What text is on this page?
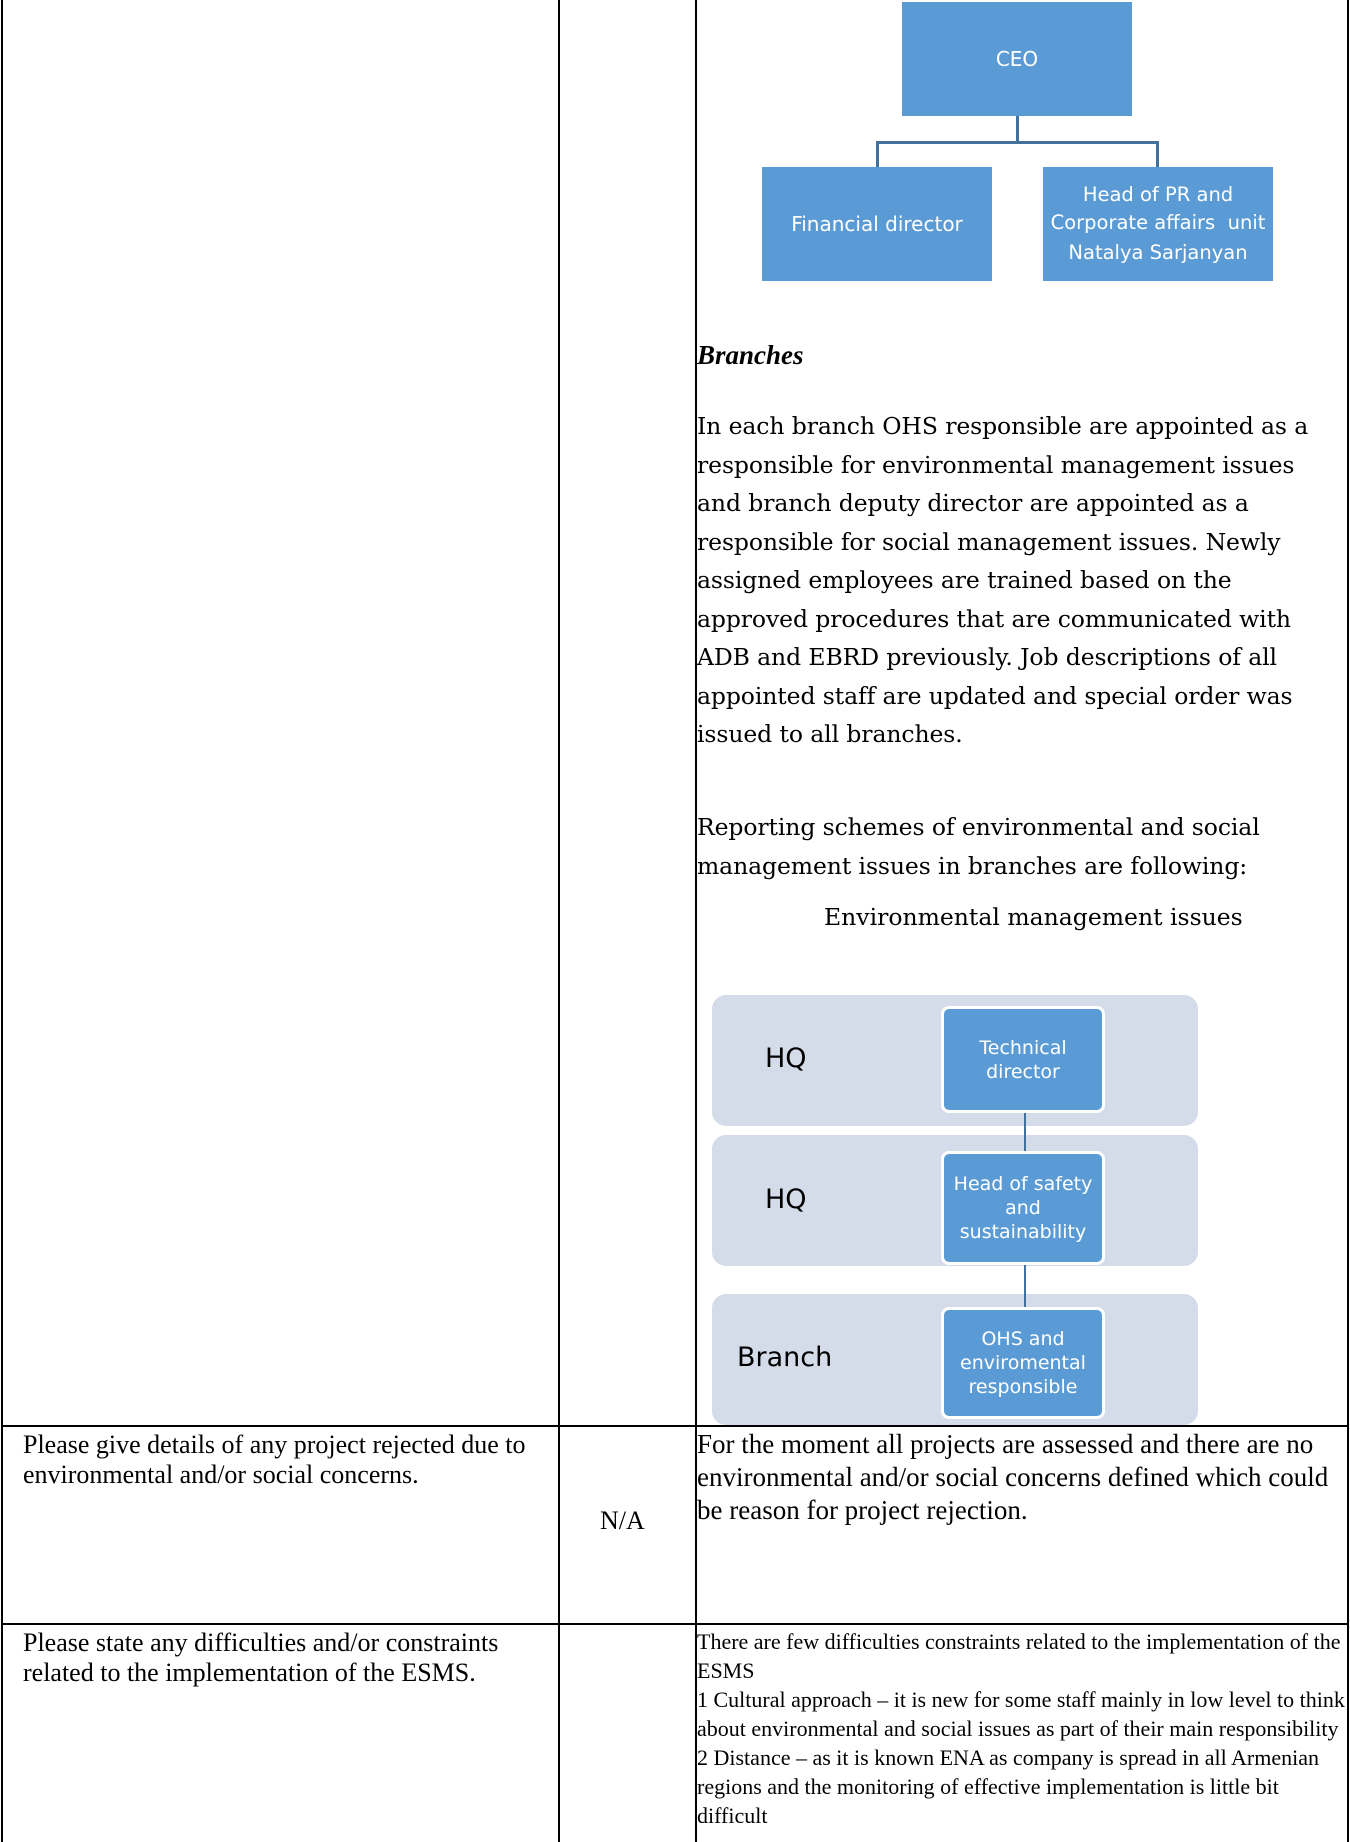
CEO
Financial director
Head of PR and
Corporate affairs  unit
Natalya Sarjanyan
Branches
In each branch OHS responsible are appointed as a responsible for environmental management issues and branch deputy director are appointed as a responsible for social management issues. Newly assigned employees are trained based on the approved procedures that are communicated with ADB and EBRD previously. Job descriptions of all appointed staff are updated and special order was issued to all branches.
Reporting schemes of environmental and social management issues in branches are following:
Environmental management issues
HQ
HQ
Branch
Technical director
Head of safety and sustainability
OHS and enviromental responsible
Please give details of any project rejected due to environmental and/or social concerns.
N/A
For the moment all projects are assessed and there are no environmental and/or social concerns defined which could be reason for project rejection.
Please state any difficulties and/or constraints related to the implementation of the ESMS.
There are few difficulties constraints related to the implementation of the ESMS
1 Cultural approach – it is new for some staff mainly in low level to think about environmental and social issues as part of their main responsibility
2 Distance – as it is known ENA as company is spread in all Armenian regions and the monitoring of effective implementation is little bit difficult
